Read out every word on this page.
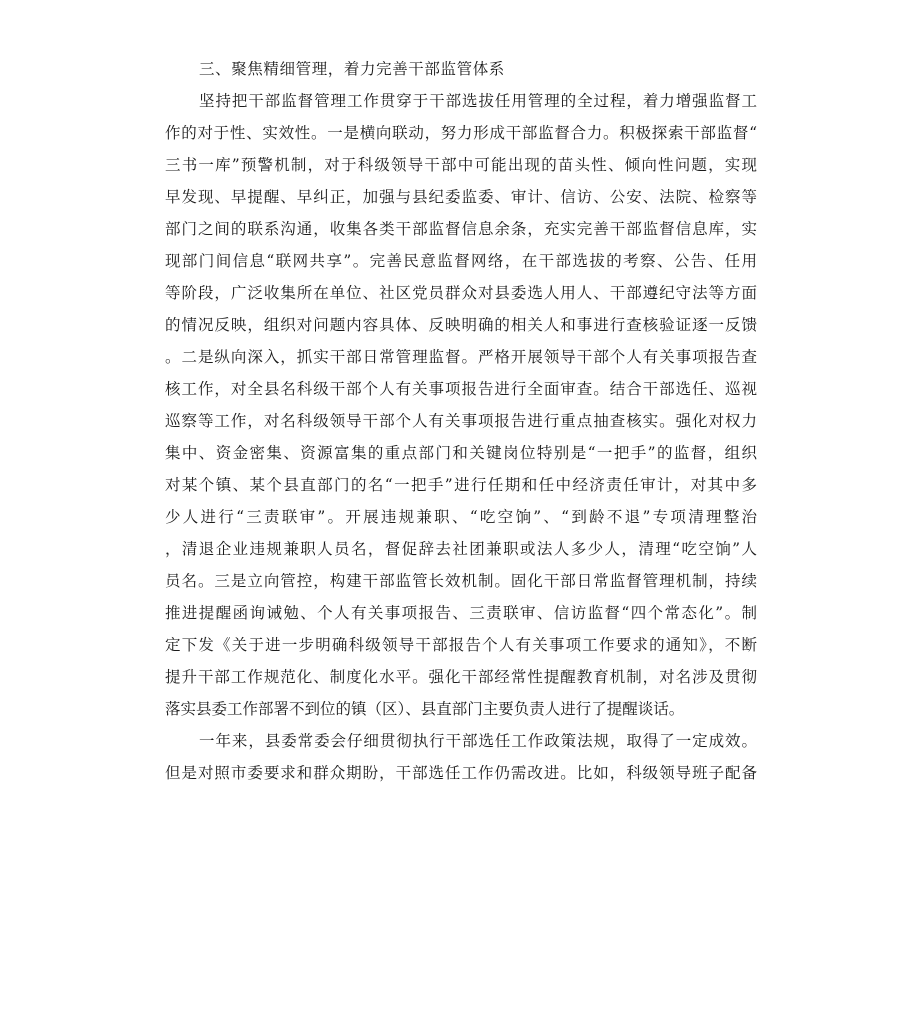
三、聚焦精细管理，着力完善干部监管体系

坚持把干部监督管理工作贯穿于干部选拔任用管理的全过程，着力增强监督工
作的对于性、实效性。一是横向联动，努力形成干部监督合力。积极探索干部监督“
三书一库”预警机制，对于科级领导干部中可能出现的苗头性、倾向性问题，实现
早发现、早提醒、早纠正，加强与县纪委监委、审计、信访、公安、法院、检察等
部门之间的联系沟通，收集各类干部监督信息余条，充实完善干部监督信息库，实
现部门间信息“联网共享”。完善民意监督网络，在干部选拔的考察、公告、任用
等阶段，广泛收集所在单位、社区党员群众对县委选人用人、干部遵纪守法等方面
的情况反映，组织对问题内容具体、反映明确的相关人和事进行查核验证逐一反馈
。二是纵向深入，抓实干部日常管理监督。严格开展领导干部个人有关事项报告查
核工作，对全县名科级干部个人有关事项报告进行全面审查。结合干部选任、巡视
巡察等工作，对名科级领导干部个人有关事项报告进行重点抽查核实。强化对权力
集中、资金密集、资源富集的重点部门和关键岗位特别是“一把手”的监督，组织
对某个镇、某个县直部门的名“一把手”进行任期和任中经济责任审计，对其中多
少人进行“三责联审”。开展违规兼职、“吃空饷”、“到龄不退”专项清理整治
，清退企业违规兼职人员名，督促辞去社团兼职或法人多少人，清理“吃空饷”人
员名。三是立向管控，构建干部监管长效机制。固化干部日常监督管理机制，持续
推进提醒函询诫勉、个人有关事项报告、三责联审、信访监督“四个常态化”。制
定下发《关于进一步明确科级领导干部报告个人有关事项工作要求的通知》，不断
提升干部工作规范化、制度化水平。强化干部经常性提醒教育机制，对名涉及贯彻
落实县委工作部署不到位的镇（区）、县直部门主要负责人进行了提醒谈话。

一年来，县委常委会仔细贯彻执行干部选任工作政策法规，取得了一定成效。
但是对照市委要求和群众期盼，干部选任工作仍需改进。比如，科级领导班子配备
